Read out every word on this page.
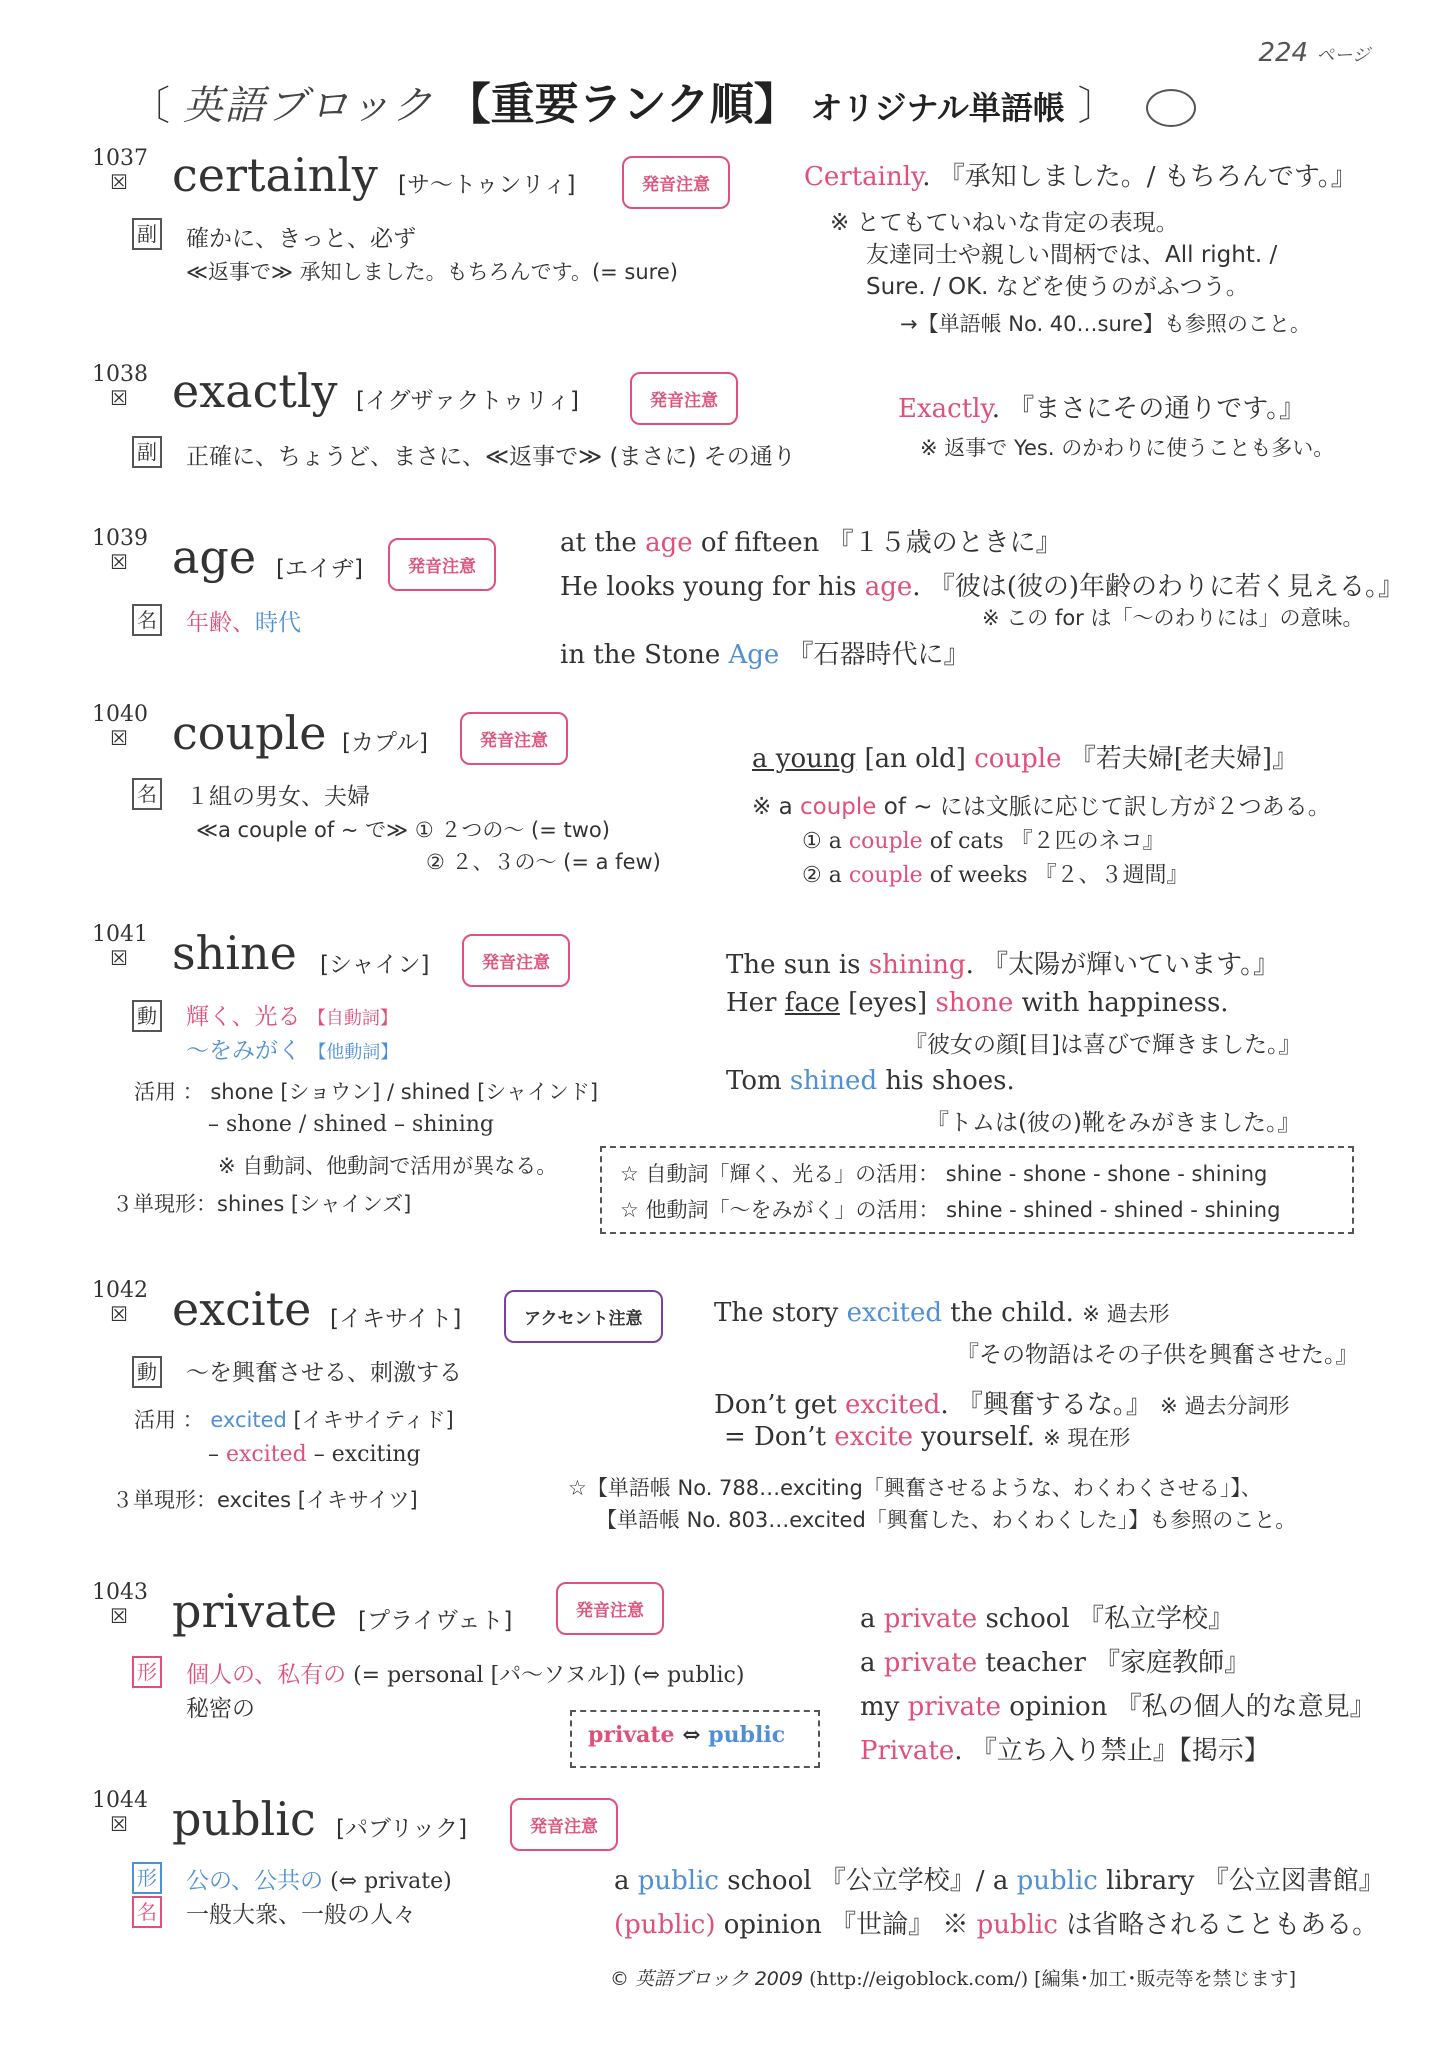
224 ページ
〔 英語ブロック 【重要ランク順】 オリジナル単語帳 〕
1037
☒ certainly [サ～トゥンリィ]	発音注意
副 確かに、きっと、必ず
≪返事で≫ 承知しました。もちろんです。(= sure)
Certainly. 『承知しました。/ もちろんです。』
※ とてもていねいな肯定の表現。
友達同士や親しい間柄では、All right. /
Sure. / OK. などを使うのがふつう。
→【単語帳 No. 40…sure】も参照のこと。
1038
☒ exactly [イグザァクトゥリィ]	発音注意
副 正確に、ちょうど、まさに、≪返事で≫ (まさに) その通り
Exactly. 『まさにその通りです。』
※ 返事で Yes. のかわりに使うことも多い。
1039
☒ age [エイヂ]	発音注意
名 年齢、時代
at the age of fifteen 『１５歳のときに』
He looks young for his age. 『彼は(彼の)年齢のわりに若く見える。』
※ この for は「～のわりには」の意味。
in the Stone Age 『石器時代に』
1040
☒ couple [カプル]	発音注意
名 １組の男女、夫婦
≪a couple of ~ で≫ ① ２つの～ (= two)
② ２、３の～ (= a few)
a young [an old] couple 『若夫婦[老夫婦]』
※ a couple of ~ には文脈に応じて訳し方が２つある。
① a couple of cats 『２匹のネコ』
② a couple of weeks 『２、３週間』
1041
☒ shine [シャイン]	発音注意
動 輝く、光る 【自動詞】
～をみがく 【他動詞】
活用 ： shone [ショウン] / shined [シャインド]
– shone / shined – shining
※ 自動詞、他動詞で活用が異なる。
３単現形：shines [シャインズ]
The sun is shining. 『太陽が輝いています。』
Her face [eyes] shone with happiness.
『彼女の顔[目]は喜びで輝きました。』
Tom shined his shoes.
『トムは(彼の)靴をみがきました。』
☆ 自動詞「輝く、光る」の活用： shine - shone - shone - shining
☆ 他動詞「～をみがく」の活用： shine - shined - shined - shining
1042
☒ excite [イキサイト]	アクセント注意
動 ～を興奮させる、刺激する
活用 ： excited [イキサイティド]
– excited – exciting
３単現形：excites [イキサイツ]
The story excited the child. ※ 過去形
『その物語はその子供を興奮させた。』
Don’t get excited. 『興奮するな。』 ※ 過去分詞形
= Don’t excite yourself. ※ 現在形
☆【単語帳 No. 788…exciting「興奮させるような、わくわくさせる」】、
【単語帳 No. 803…excited「興奮した、わくわくした」】も参照のこと。
1043
☒ private [プライヴェト]	発音注意
形 個人の、私有の (= personal [パ～ソヌル]) (⇔ public)
秘密の
private ⇔ public
a private school 『私立学校』
a private teacher 『家庭教師』
my private opinion 『私の個人的な意見』
Private. 『立ち入り禁止』【掲示】
1044
☒ public [パブリック]	発音注意
形
名
公の、公共の (⇔ private)
一般大衆、一般の人々
a public school 『公立学校』/ a public library 『公立図書館』
(public) opinion 『世論』 ※ public は省略されることもある。
© 英語ブロック 2009 (http://eigoblock.com/) [編集･加工･販売等を禁じます]
